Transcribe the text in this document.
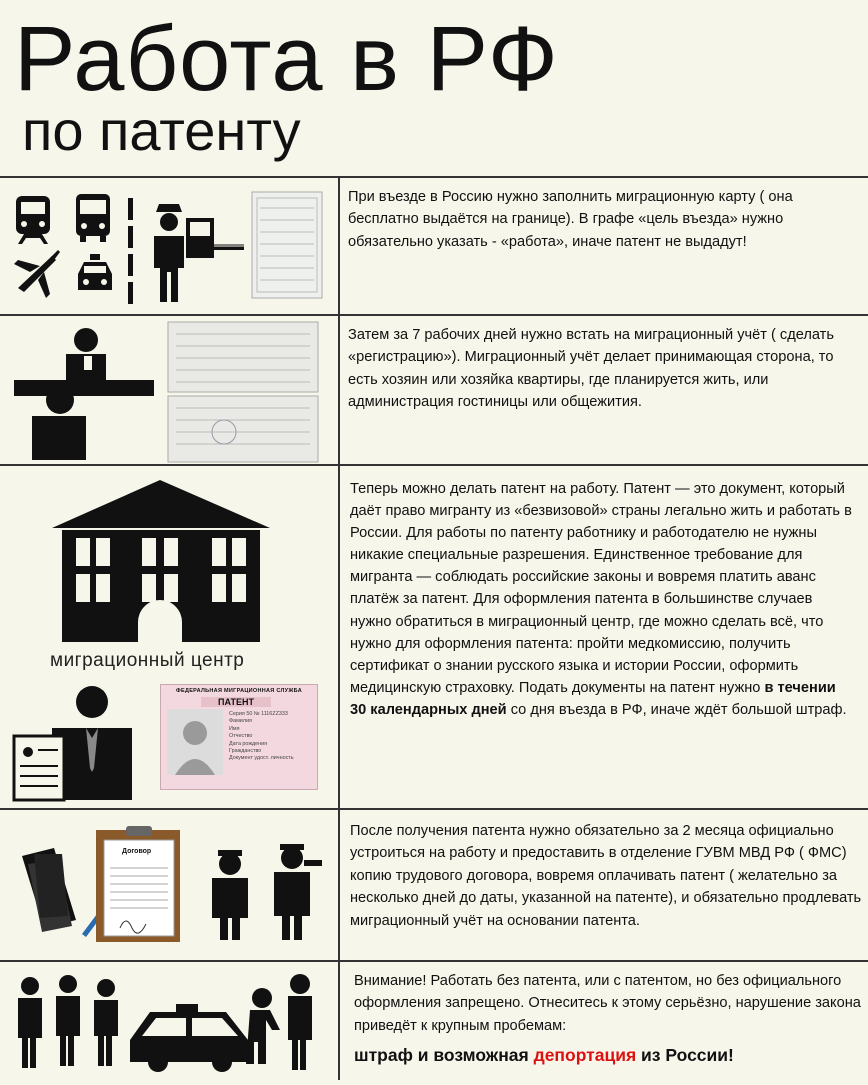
Работа в РФ
по патенту
При въезде в Россию нужно заполнить миграционную карту ( она бесплатно выдаётся на границе). В графе «цель въезда» нужно обязательно указать - «работа», иначе патент не выдадут!
Затем за 7 рабочих дней нужно встать на миграционный учёт ( сделать «регистрацию»). Миграционный учёт делает принимающая сторона, то есть хозяин или хозяйка квартиры, где планируется жить, или администрация гостиницы или общежития.
миграционный центр
ФЕДЕРАЛЬНАЯ МИГРАЦИОННАЯ СЛУЖБА
ПАТЕНТ
Серия 50 № 1116ZZ333
Фамилия
Имя
Отчество
Дата рождения
Гражданство
Документ удост. личность
Теперь можно делать патент на работу. Патент — это документ, который даёт право мигранту из «безвизовой» страны легально жить и работать в России. Для работы по патенту работнику и работодателю не нужны никакие специальные разрешения. Единственное требование для мигранта — соблюдать российские законы и вовремя платить аванс платёж за патент. Для оформления патента в большинстве случаев нужно обратиться в миграционный центр, где можно сделать всё, что нужно для оформления патента: пройти медкомиссию, получить сертификат о знании русского языка и истории России, оформить медицинскую страховку. Подать документы на патент нужно в течении 30 календарных дней со дня въезда в РФ, иначе ждёт большой штраф.
Договор
После получения патента нужно обязательно за 2 месяца официально устроиться на работу и предоставить в отделение ГУВМ МВД РФ ( ФМС) копию трудового договора, вовремя оплачивать патент ( желательно за несколько дней до даты, указанной на патенте), и обязательно продлевать миграционный учёт на основании патента.
Внимание! Работать без патента, или с патентом, но без официального оформления запрещено. Отнеситесь к этому серьёзно, нарушение закона приведёт к крупным пробемам:
штраф и возможная депортация из России!
